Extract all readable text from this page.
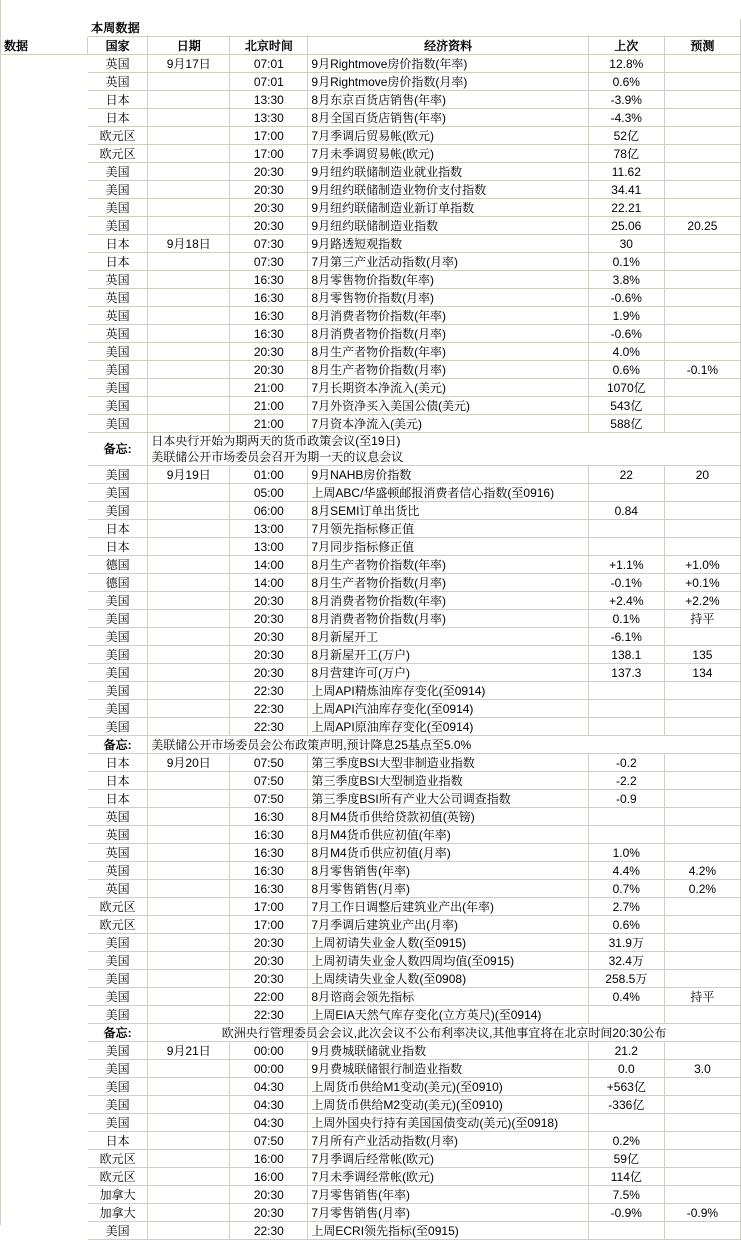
	本周数据					
数据	国家	日期	北京时间	经济资料	上次	预测
	英国	9月17日	07:01	9月Rightmove房价指数(年率)	12.8%	
	英国		07:01	9月Rightmove房价指数(月率)	0.6%	
	日本		13:30	8月东京百货店销售(年率)	-3.9%	
	日本		13:30	8月全国百货店销售(年率)	-4.3%	
	欧元区		17:00	7月季调后贸易帐(欧元)	52亿	
	欧元区		17:00	7月未季调贸易帐(欧元)	78亿	
	美国		20:30	9月纽约联储制造业就业指数	11.62	
	美国		20:30	9月纽约联储制造业物价支付指数	34.41	
	美国		20:30	9月纽约联储制造业新订单指数	22.21	
	美国		20:30	9月纽约联储制造业指数	25.06	20.25
	日本	9月18日	07:30	9月路透短观指数	30	
	日本		07:30	7月第三产业活动指数(月率)	0.1%	
	英国		16:30	8月零售物价指数(年率)	3.8%	
	英国		16:30	8月零售物价指数(月率)	-0.6%	
	英国		16:30	8月消费者物价指数(年率)	1.9%	
	英国		16:30	8月消费者物价指数(月率)	-0.6%	
	美国		20:30	8月生产者物价指数(年率)	4.0%	
	美国		20:30	8月生产者物价指数(月率)	0.6%	-0.1%
	美国		21:00	7月长期资本净流入(美元)	1070亿	
	美国		21:00	7月外资净买入美国公债(美元)	543亿	
	美国		21:00	7月资本净流入(美元)	588亿	
	备忘:	日本央行开始为期两天的货币政策会议(至19日)
美联储公开市场委员会召开为期一天的议息会议				

	美国	9月19日	01:00	9月NAHB房价指数	22	20
	美国		05:00	上周ABC/华盛顿邮报消费者信心指数(至0916)		
	美国		06:00	8月SEMI订单出货比	0.84	
	日本		13:00	7月领先指标修正值		
	日本		13:00	7月同步指标修正值		
	德国		14:00	8月生产者物价指数(年率)	+1.1%	+1.0%
	德国		14:00	8月生产者物价指数(月率)	-0.1%	+0.1%
	美国		20:30	8月消费者物价指数(年率)	+2.4%	+2.2%
	美国		20:30	8月消费者物价指数(月率)	0.1%	持平
	美国		20:30	8月新屋开工	-6.1%	
	美国		20:30	8月新屋开工(万户)	138.1	135
	美国		20:30	8月营建许可(万户)	137.3	134
	美国		22:30	上周API精炼油库存变化(至0914)		
	美国		22:30	上周API汽油库存变化(至0914)		
	美国		22:30	上周API原油库存变化(至0914)		
	备忘:	美联储公开市场委员会公布政策声明,预计降息25基点至5.0%				

	日本	9月20日	07:50	第三季度BSI大型非制造业指数	-0.2	
	日本		07:50	第三季度BSI大型制造业指数	-2.2	
	日本		07:50	第三季度BSI所有产业大公司调查指数	-0.9	
	英国		16:30	8月M4货币供给贷款初值(英镑)		
	英国		16:30	8月M4货币供应初值(年率)		
	英国		16:30	8月M4货币供应初值(月率)	1.0%	
	英国		16:30	8月零售销售(年率)	4.4%	4.2%
	英国		16:30	8月零售销售(月率)	0.7%	0.2%
	欧元区		17:00	7月工作日调整后建筑业产出(年率)	2.7%	
	欧元区		17:00	7月季调后建筑业产出(月率)	0.6%	
	美国		20:30	上周初请失业金人数(至0915)	31.9万	
	美国		20:30	上周初请失业金人数四周均值(至0915)	32.4万	
	美国		20:30	上周续请失业金人数(至0908)	258.5万	
	美国		22:00	8月谘商会领先指标	0.4%	持平
	美国		22:30	上周EIA天然气库存变化(立方英尺)(至0914)		
	备忘:	欧洲央行管理委员会会议,此次会议不公布利率决议,其他事宜将在北京时间20:30公布				

	美国	9月21日	00:00	9月费城联储就业指数	21.2	
	美国		00:00	9月费城联储银行制造业指数	0.0	3.0
	美国		04:30	上周货币供给M1变动(美元)(至0910)	+563亿	
	美国		04:30	上周货币供给M2变动(美元)(至0910)	-336亿	
	美国		04:30	上周外国央行持有美国国债变动(美元)(至0918)		
	日本		07:50	7月所有产业活动指数(月率)	0.2%	
	欧元区		16:00	7月季调后经常帐(欧元)	59亿	
	欧元区		16:00	7月未季调经常帐(欧元)	114亿	
	加拿大		20:30	7月零售销售(年率)	7.5%	
	加拿大		20:30	7月零售销售(月率)	-0.9%	-0.9%
	美国		22:30	上周ECRI领先指标(至0915)		
